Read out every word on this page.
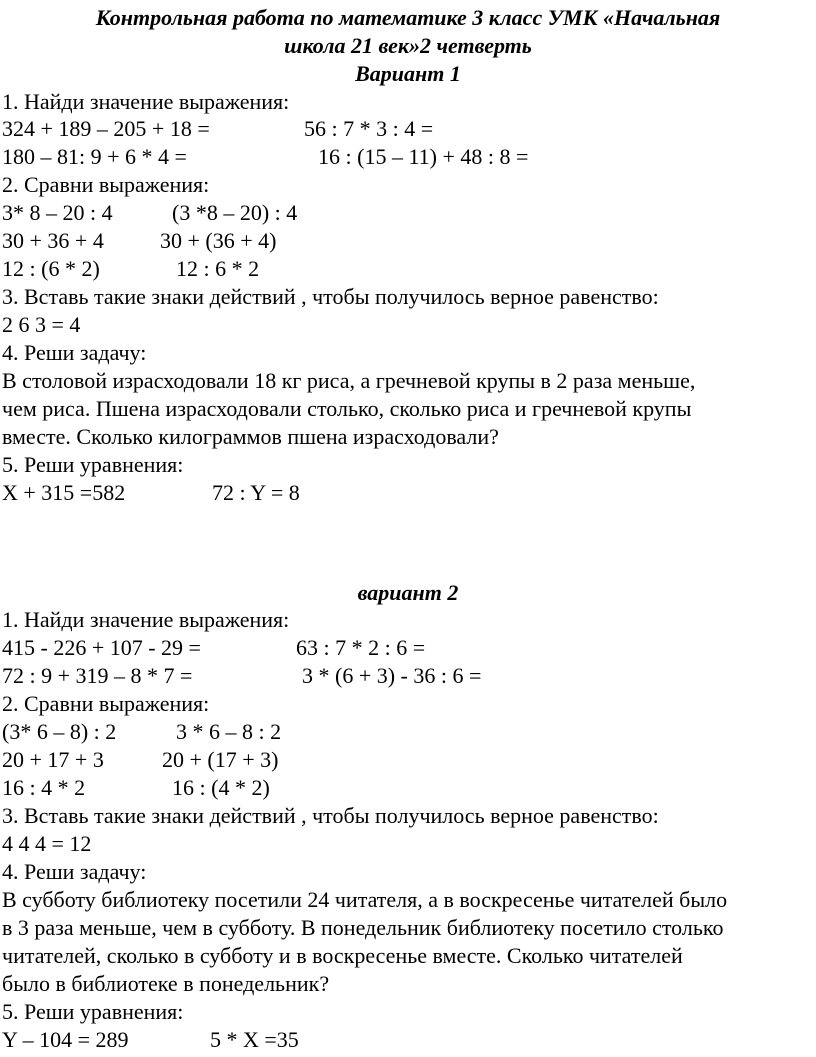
Контрольная работа по математике 3 класс УМК «Начальная
школа 21 век»2 четверть
Вариант 1
1. Найди значение выражения:
324 + 189 – 205 + 18 =	56 : 7 * 3 : 4 =
180 – 81: 9 + 6 * 4 =	16 : (15 – 11) + 48 : 8 =
2. Сравни выражения:
3* 8 – 20 : 4	(3 *8 – 20) : 4
30 + 36 + 4	30 + (36 + 4)
12 : (6 * 2)	12 : 6 * 2
3. Вставь такие знаки действий , чтобы получилось верное равенство:
2 6 3 = 4
4. Реши задачу:
В столовой израсходовали 18 кг риса, а гречневой крупы в 2 раза меньше,
чем риса. Пшена израсходовали столько, сколько риса и гречневой крупы
вместе. Сколько килограммов пшена израсходовали?
5. Реши уравнения:
Х + 315 =582	72 : Y = 8
вариант 2
1. Найди значение выражения:
415 - 226 + 107 - 29 =	63 : 7 * 2 : 6 =
72 : 9 + 319 – 8 * 7 =	3 * (6 + 3) - 36 : 6 =
2. Сравни выражения:
(3* 6 – 8) : 2	3 * 6 – 8 : 2
20 + 17 + 3	20 + (17 + 3)
16 : 4 * 2	16 : (4 * 2)
3. Вставь такие знаки действий , чтобы получилось верное равенство:
4 4 4 = 12
4. Реши задачу:
В субботу библиотеку посетили 24 читателя, а в воскресенье читателей было
в 3 раза меньше, чем в субботу. В понедельник библиотеку посетило столько
читателей, сколько в субботу и в воскресенье вместе. Сколько читателей
было в библиотеке в понедельник?
5. Реши уравнения:
Y – 104 = 289	5 * Х =35
